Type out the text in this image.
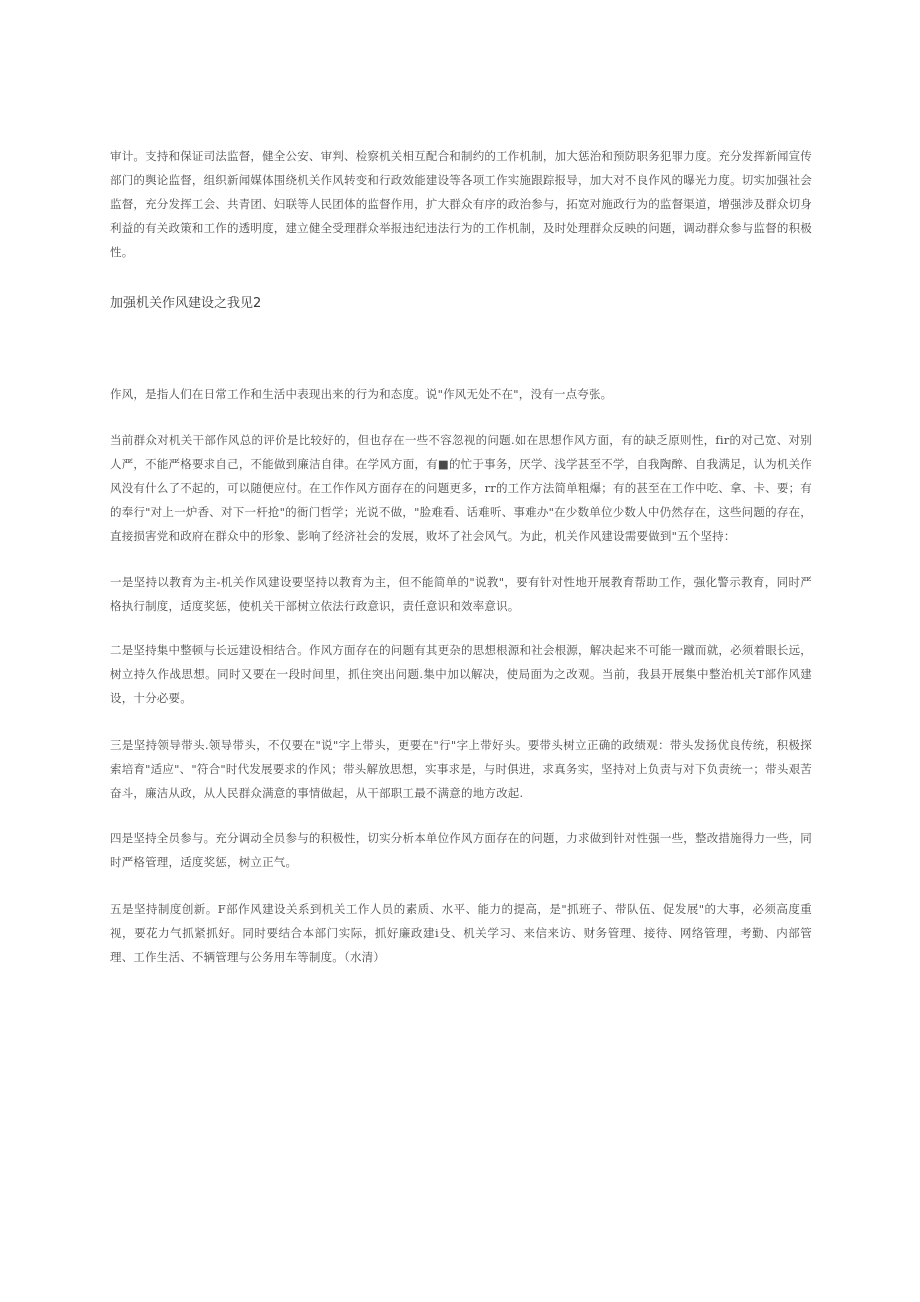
审计。支持和保证司法监督，健全公安、审判、检察机关相互配合和制约的工作机制，加大惩治和预防职务犯罪力度。充分发挥新闻宣传部门的舆论监督，组织新闻媒体围绕机关作风转变和行政效能建设等各项工作实施跟踪报导，加大对不良作风的曝光力度。切实加强社会监督，充分发挥工会、共青团、妇联等人民团体的监督作用，扩大群众有序的政治参与，拓宽对施政行为的监督渠道，增强涉及群众切身利益的有关政策和工作的透明度，建立健全受理群众举报违纪违法行为的工作机制，及时处理群众反映的问题，调动群众参与监督的积极性。

加强机关作风建设之我见2

作风，是指人们在日常工作和生活中表现出来的行为和态度。说"作风无处不在"，没有一点夸张。

当前群众对机关干部作风总的评价是比较好的，但也存在一些不容忽视的问题.如在思想作风方面，有的缺乏原则性，fir的对己宽、对别人严，不能严格要求自己，不能做到廉洁自律。在学风方面，有■的忙于事务，厌学、浅学甚至不学，自我陶醉、自我满足，认为机关作风没有什么了不起的，可以随便应付。在工作作风方面存在的问题更多，rr的工作方法简单粗爆；有的甚至在工作中吃、拿、卡、要；有的奉行"对上一炉香、对下一杆抢"的衙门哲学；光说不做，"脸难看、话难听、事难办"在少数单位少数人中仍然存在，这些问题的存在，直接损害党和政府在群众中的形象、影响了经济社会的发展，败坏了社会风气。为此，机关作风建设需要做到"五个坚持：

一是坚持以教育为主-机关作风建设要坚持以教育为主，但不能简单的"说教"，要有针对性地开展教育帮助工作，强化警示教育，同时严格执行制度，适度奖惩，使机关干部树立依法行政意识，责任意识和效率意识。

二是坚持集中整顿与长远建设相结合。作风方面存在的问题有其更杂的思想根源和社会根源，解决起来不可能一蹴而就，必须着眼长远，树立持久作战思想。同时又要在一段时间里，抓住突出问题.集中加以解决，使局面为之改观。当前，我县开展集中整治机关T部作风建设，十分必要。

三是坚持领导带头.领导带头，不仅要在"说"字上带头，更要在"行"字上带好头。要带头树立正确的政绩观：带头发扬优良传统，积极探索培育"适应"、"符合"时代发展要求的作风；带头解放思想，实事求是，与时俱进，求真务实，坚持对上负责与对下负责统一；带头艰苦奋斗，廉洁从政，从人民群众满意的事情做起，从干部职工最不满意的地方改起.

四是坚持全员参与。充分调动全员参与的积极性，切实分析本单位作风方面存在的问题，力求做到针对性强一些，整改措施得力一些，同时严格管理，适度奖惩，树立正气。

五是坚持制度创新。F部作风建设关系到机关工作人员的素质、水平、能力的提高，是"抓班子、带队伍、促发展"的大事，必须高度重视，要花力气抓紧抓好。同时要结合本部门实际，抓好廉政建i殳、机关学习、来信来访、财务管理、接待、网络管理，考勤、内部管理、工作生活、不辆管理与公务用车等制度。（水清）
